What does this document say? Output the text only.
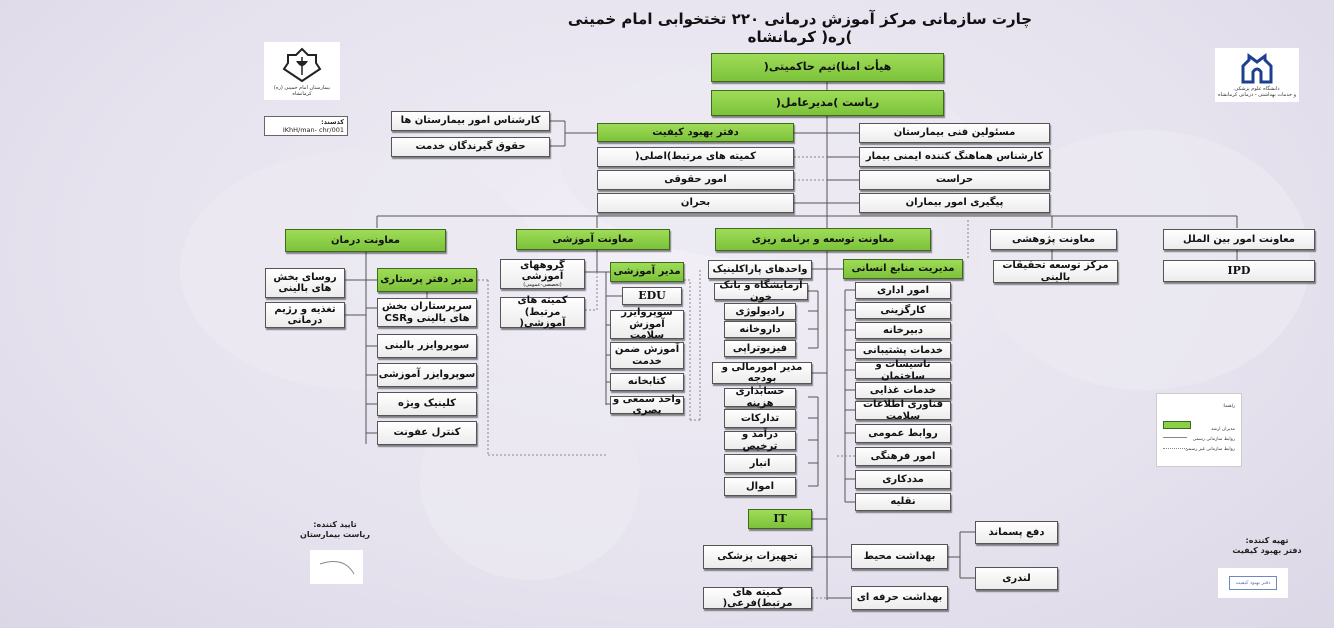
چارت سازمانی مرکز آموزش درمانی ۲۲۰ تختخوابی امام خمینی )ره( کرمانشاه
بیمارستان امام خمینی (ره) کرمانشاه
دانشگاه علوم پزشکی
و خدمات بهداشتی - درمانی کرمانشاه
کدسند:
IKhH/man- chr/001
هیأت امنا)تیم حاکمیتی(
ریاست )مدیرعامل(
کارشناس امور بیمارستان ها
حقوق گیرندگان خدمت
دفتر بهبود کیفیت
کمیته های مرتبط)اصلی(
امور حقوقی
بحران
مسئولین فنی بیمارستان
کارشناس هماهنگ کننده ایمنی بیمار
حراست
پیگیری امور بیماران
معاونت درمان	معاونت آموزشی	معاونت توسعه و برنامه ریزی	معاونت پژوهشی	معاونت امور بین الملل
روسای بخش های بالینی
تغذیه و رژیم درمانی
مدیر دفتر پرستاری
سرپرستاران بخش های بالینی وCSR
سوپروایزر بالینی
سوپروایزر آموزشی
کلینیک ویژه
کنترل عفونت
گروههای آموزشی
(تخصصی-عمومی)
کمیته های مرتبط) آموزشی(
مدیر آموزشی
EDU
سوپروایزر آموزش سلامت
آموزش ضمن خدمت
کتابخانه
واحد سمعی و بصری
واحدهای پاراکلینیک
آزمایشگاه و بانک خون
رادیولوژی
داروخانه
فیزیوتراپی
مدیر امورمالی و بودجه
حسابداری هزینه
تدارکات
درآمد و ترخیص
انبار
اموال
مدیریت منابع انسانی
امور اداری
کارگزینی
دبیرخانه
خدمات پشتیبانی
تاسیسات و ساختمان
خدمات غذایی
فناوری اطلاعات سلامت
روابط عمومی
امور فرهنگی
مددکاری
نقلیه
IT
تجهیزات پزشکی
کمیته های مرتبط)فرعی(
بهداشت محیط
بهداشت حرفه ای
دفع پسماند
لندری
مرکز توسعه تحقیقات بالینی
IPD
راهنما:
مدیران ارشد
روابط سازمانی رسمی
روابط سازمانی غیر رسمی
تایید کننده:
ریاست بیمارستان
تهیه کننده:
دفتر بهبود کیفیت
دفتر بهبود کیفیت
